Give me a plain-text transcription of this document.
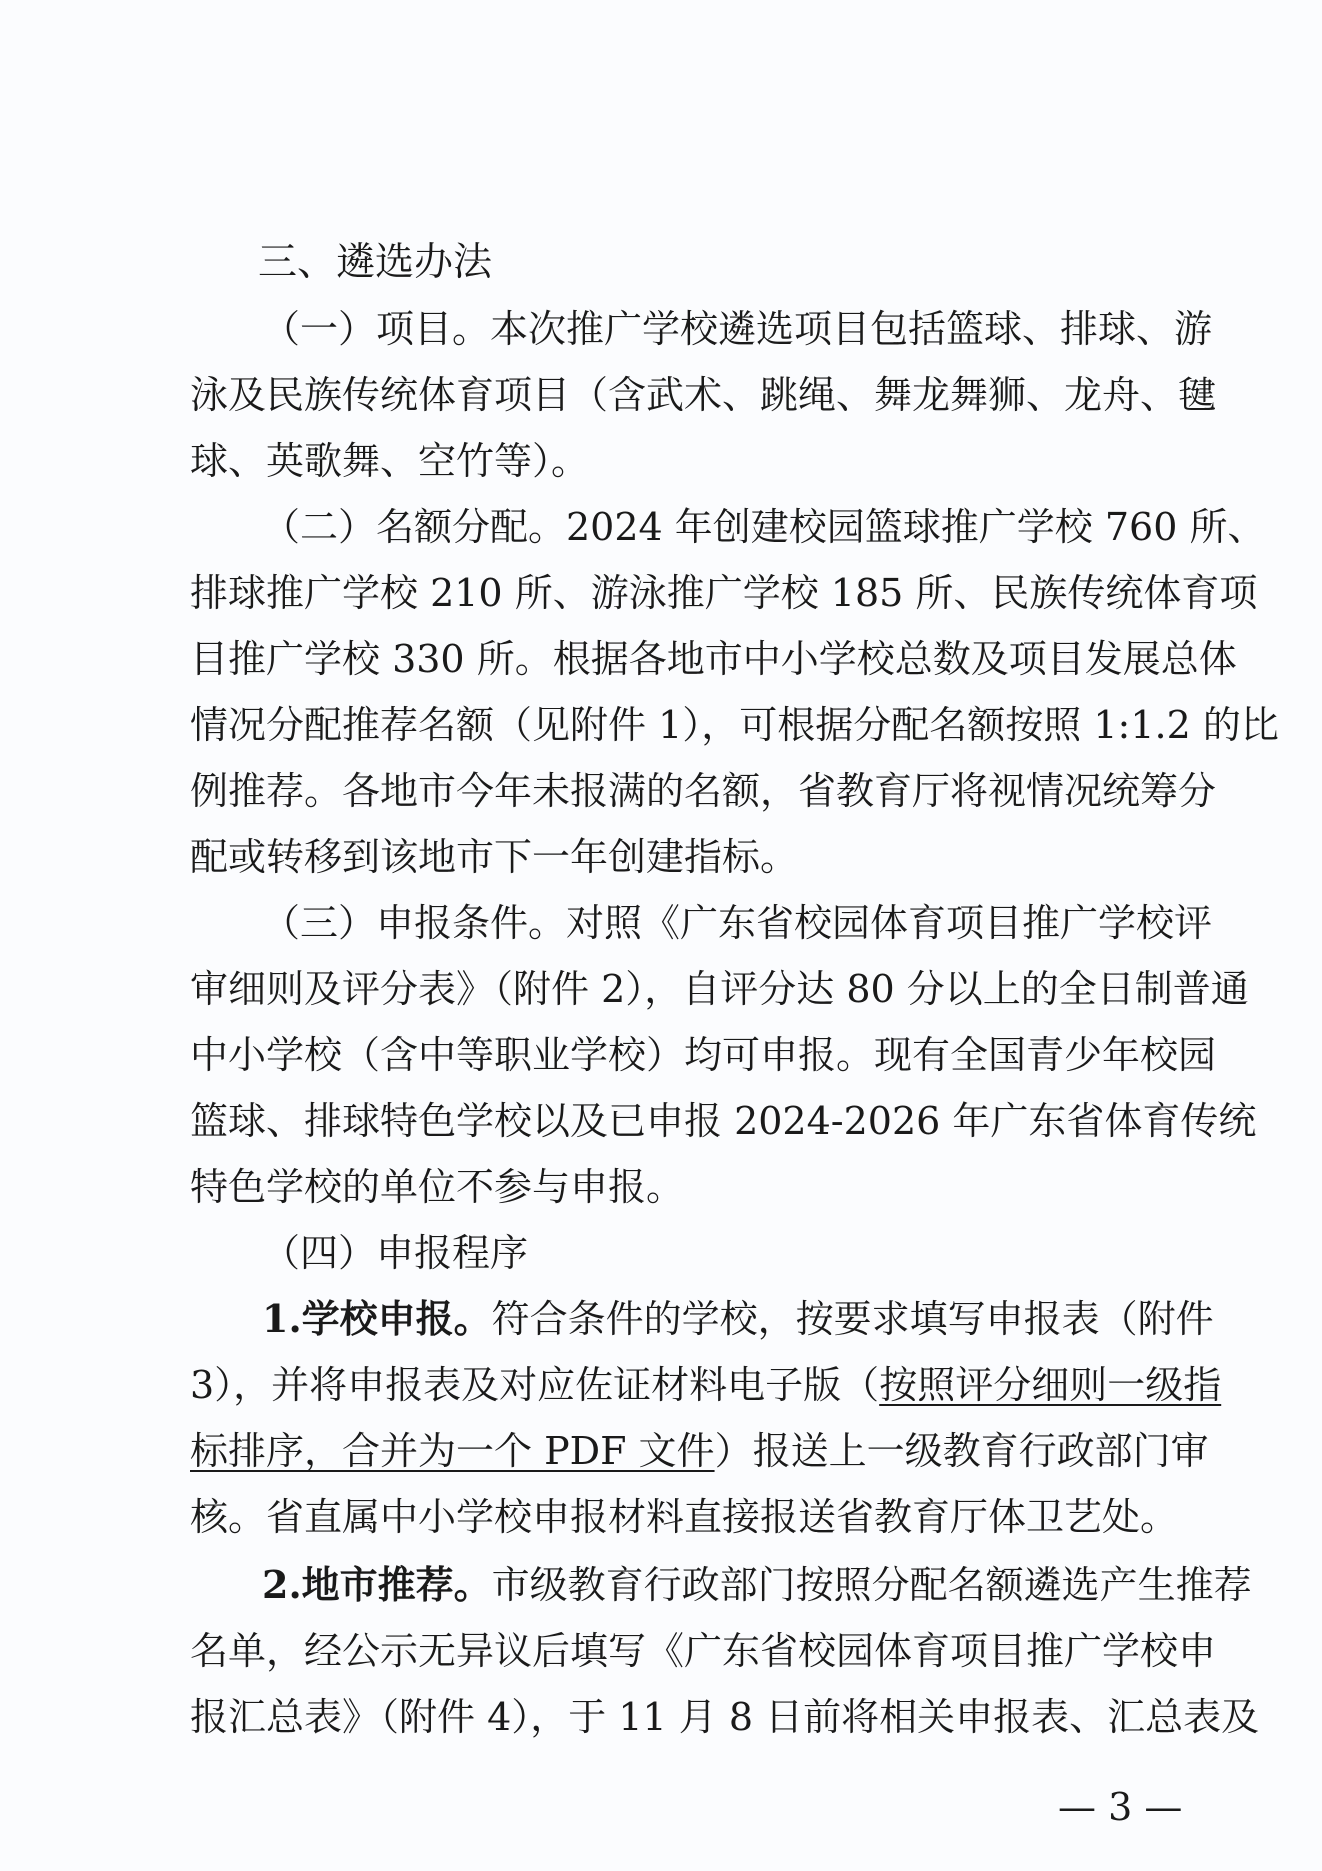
三、遴选办法
（一）项目。本次推广学校遴选项目包括篮球、排球、游
泳及民族传统体育项目（含武术、跳绳、舞龙舞狮、龙舟、毽
球、英歌舞、空竹等）。
（二）名额分配。2024 年创建校园篮球推广学校 760 所、
排球推广学校 210 所、游泳推广学校 185 所、民族传统体育项
目推广学校 330 所。根据各地市中小学校总数及项目发展总体
情况分配推荐名额（见附件 1），可根据分配名额按照 1:1.2 的比
例推荐。各地市今年未报满的名额，省教育厅将视情况统筹分
配或转移到该地市下一年创建指标。
（三）申报条件。对照《广东省校园体育项目推广学校评
审细则及评分表》（附件 2），自评分达 80 分以上的全日制普通
中小学校（含中等职业学校）均可申报。现有全国青少年校园
篮球、排球特色学校以及已申报 2024-2026 年广东省体育传统
特色学校的单位不参与申报。
（四）申报程序
1.学校申报。符合条件的学校，按要求填写申报表（附件
3），并将申报表及对应佐证材料电子版（按照评分细则一级指
标排序，合并为一个 PDF 文件）报送上一级教育行政部门审
核。省直属中小学校申报材料直接报送省教育厅体卫艺处。
2.地市推荐。市级教育行政部门按照分配名额遴选产生推荐
名单，经公示无异议后填写《广东省校园体育项目推广学校申
报汇总表》（附件 4），于 11 月 8 日前将相关申报表、汇总表及
— 3 —
